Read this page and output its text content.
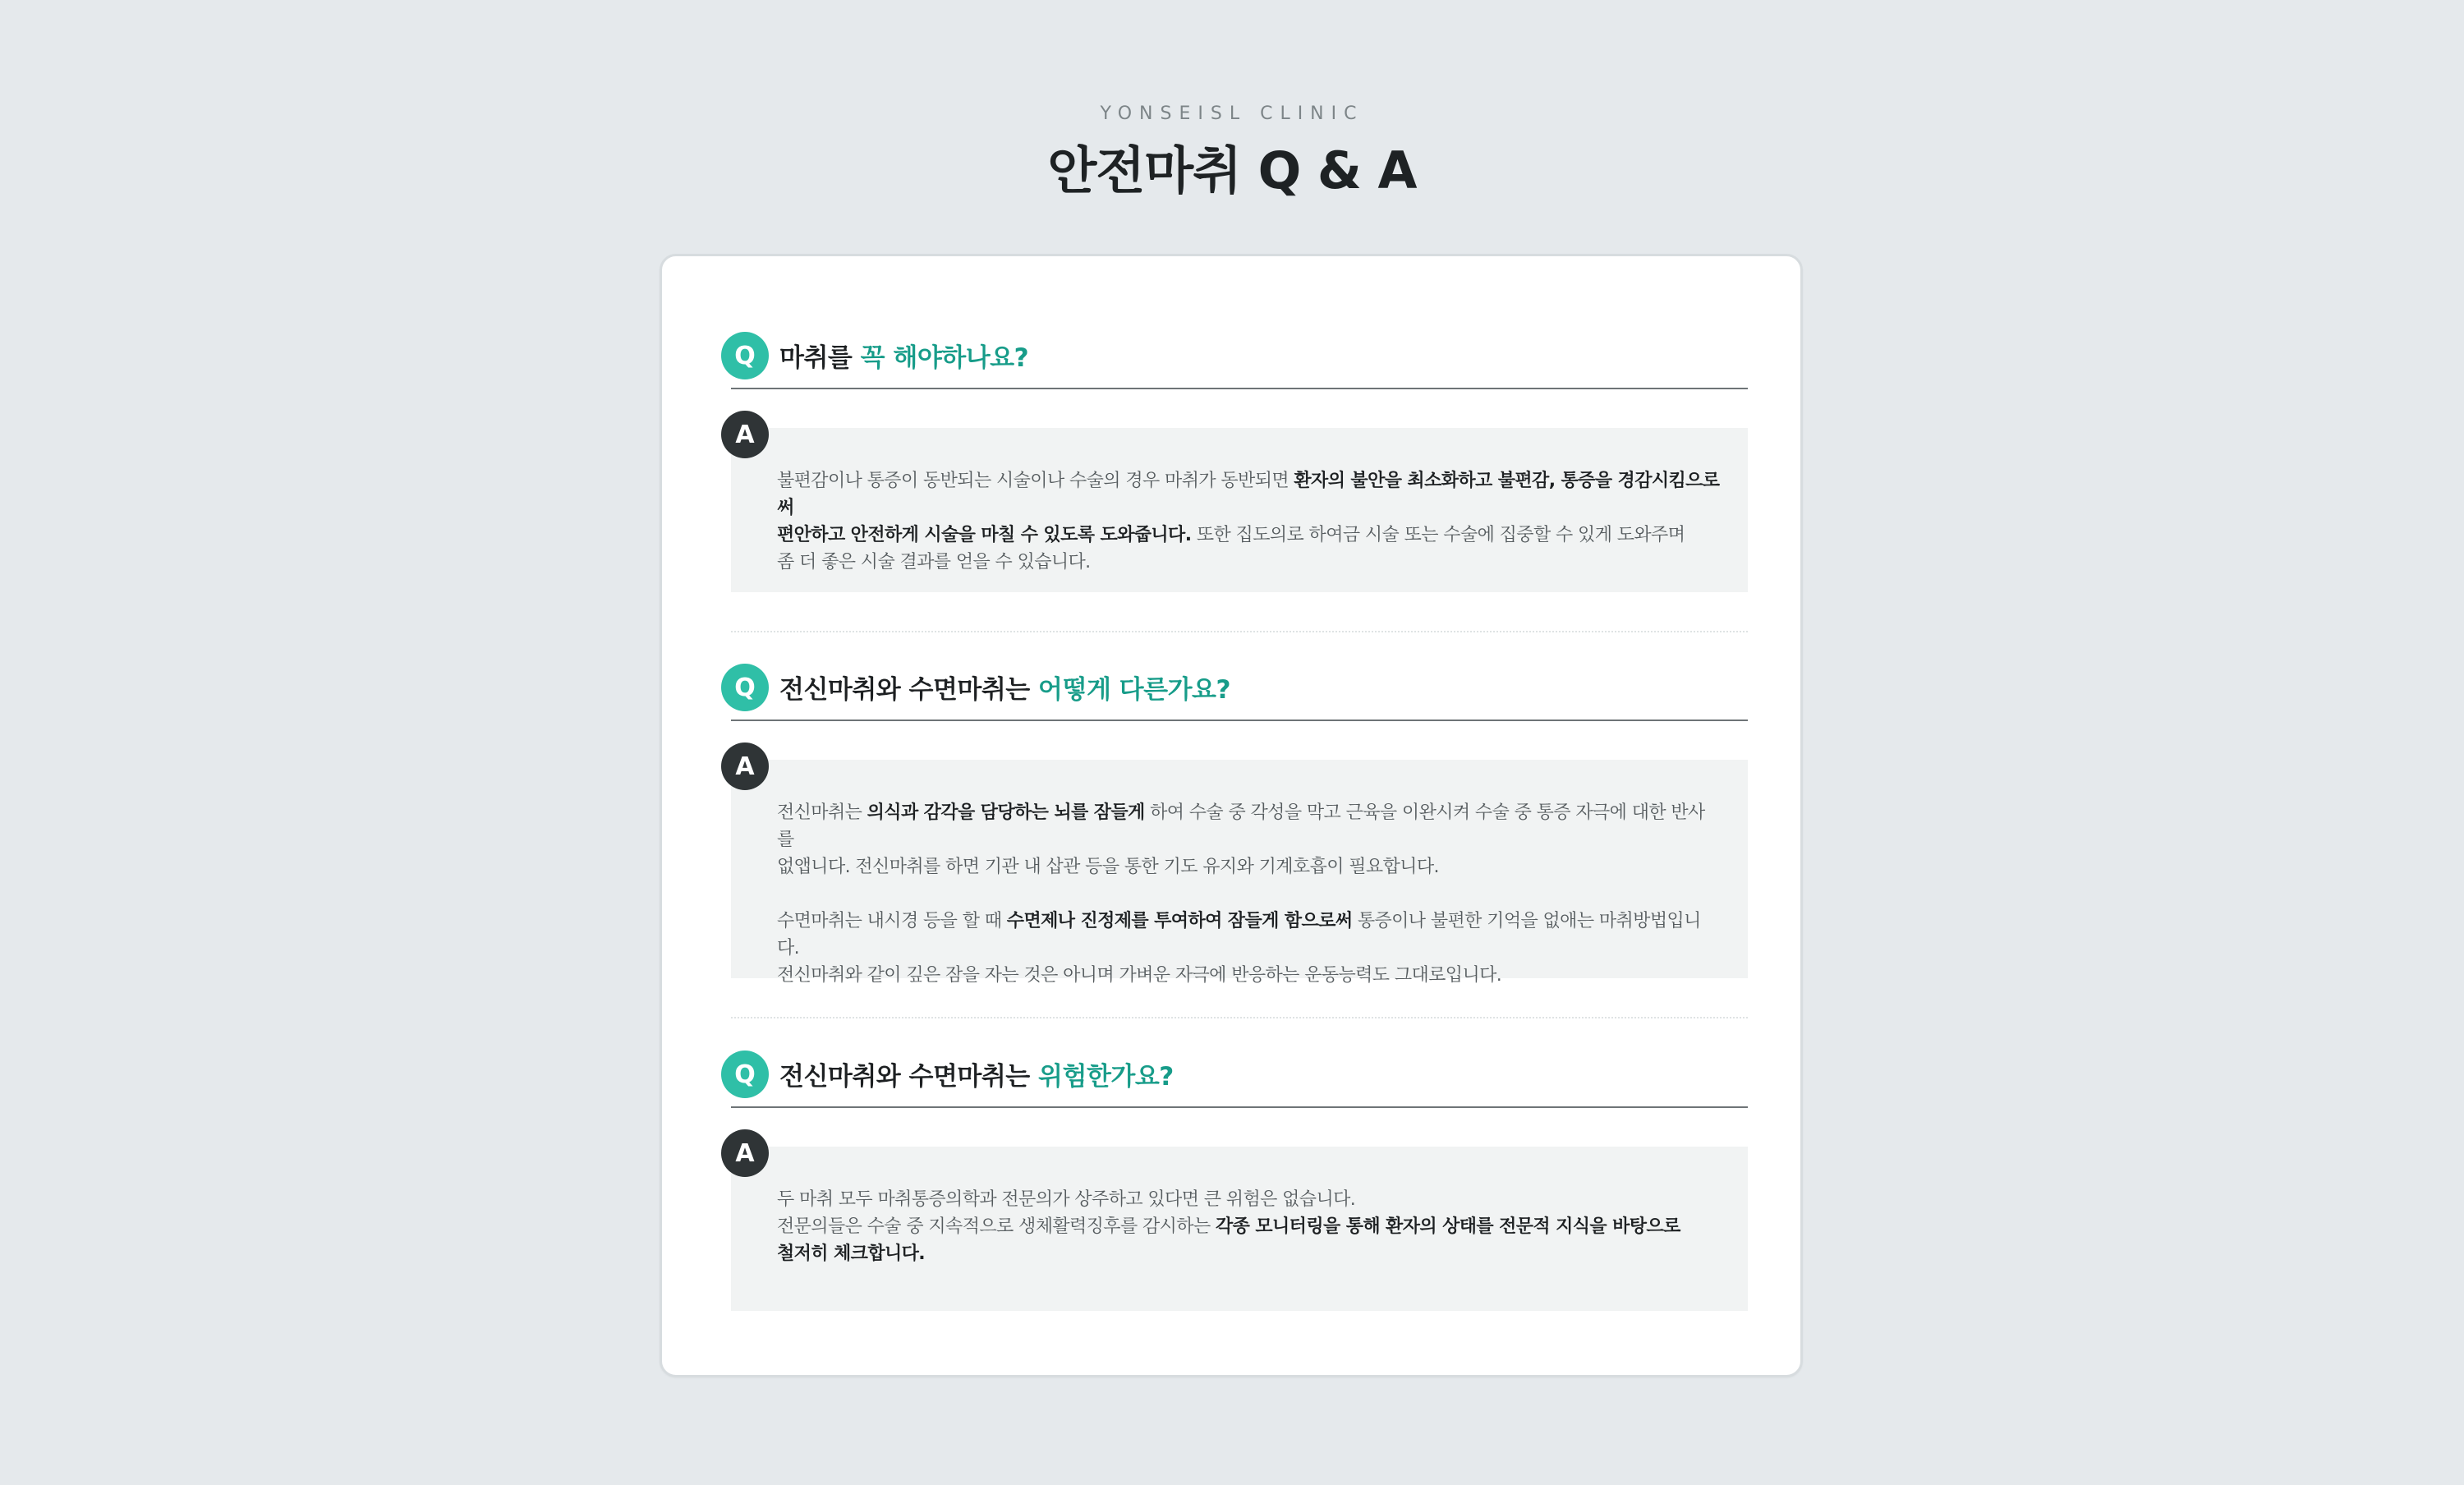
YONSEISL CLINIC
안전마취 Q & A
Q 마취를 꼭 해야하나요?

불편감이나 통증이 동반되는 시술이나 수술의 경우 마취가 동반되면 환자의 불안을 최소화하고 불편감, 통증을 경감시킴으로써

편안하고 안전하게 시술을 마칠 수 있도록 도와줍니다. 또한 집도의로 하여금 시술 또는 수술에 집중할 수 있게 도와주며

좀 더 좋은 시술 결과를 얻을 수 있습니다.

A
Q 전신마취와 수면마취는 어떻게 다른가요?

전신마취는 의식과 감각을 담당하는 뇌를 잠들게 하여 수술 중 각성을 막고 근육을 이완시켜 수술 중 통증 자극에 대한 반사를

없앱니다. 전신마취를 하면 기관 내 삽관 등을 통한 기도 유지와 기계호흡이 필요합니다.

수면마취는 내시경 등을 할 때 수면제나 진정제를 투여하여 잠들게 함으로써 통증이나 불편한 기억을 없애는 마취방법입니다.

전신마취와 같이 깊은 잠을 자는 것은 아니며 가벼운 자극에 반응하는 운동능력도 그대로입니다.

A
Q 전신마취와 수면마취는 위험한가요?

두 마취 모두 마취통증의학과 전문의가 상주하고 있다면 큰 위험은 없습니다.

전문의들은 수술 중 지속적으로 생체활력징후를 감시하는 각종 모니터링을 통해 환자의 상태를 전문적 지식을 바탕으로

철저히 체크합니다.

A
